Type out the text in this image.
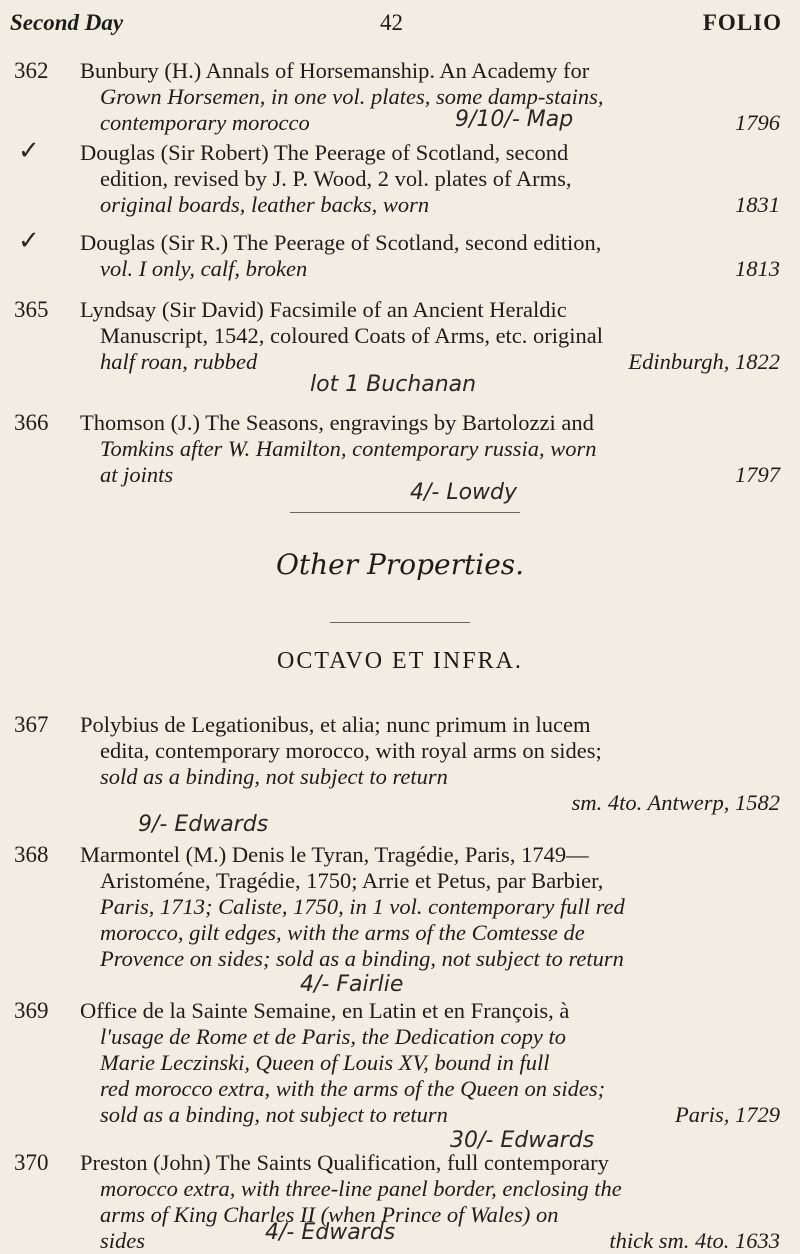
Second Day	42	FOLIO
362 Bunbury (H.) Annals of Horsemanship. An Academy for
Grown Horsemen, in one vol. plates, some damp-stains,
contemporary morocco	1796
9/10/- Map
✓ Douglas (Sir Robert) The Peerage of Scotland, second
edition, revised by J. P. Wood, 2 vol. plates of Arms,
original boards, leather backs, worn	1831
✓ Douglas (Sir R.) The Peerage of Scotland, second edition,
vol. I only, calf, broken	1813
365 Lyndsay (Sir David) Facsimile of an Ancient Heraldic
Manuscript, 1542, coloured Coats of Arms, etc. original
half roan, rubbed	Edinburgh, 1822
lot 1 Buchanan
366 Thomson (J.) The Seasons, engravings by Bartolozzi and
Tomkins after W. Hamilton, contemporary russia, worn
at joints	1797
4/- Lowdy
Other Properties.
OCTAVO ET INFRA.
367 Polybius de Legationibus, et alia; nunc primum in lucem
edita, contemporary morocco, with royal arms on sides;
sold as a binding, not subject to return
sm. 4to. Antwerp, 1582
9/- Edwards
368 Marmontel (M.) Denis le Tyran, Tragédie, Paris, 1749—
Aristoméne, Tragédie, 1750; Arrie et Petus, par Barbier,
Paris, 1713; Caliste, 1750, in 1 vol. contemporary full red
morocco, gilt edges, with the arms of the Comtesse de
Provence on sides; sold as a binding, not subject to return
4/- Fairlie
369 Office de la Sainte Semaine, en Latin et en François, à
l'usage de Rome et de Paris, the Dedication copy to
Marie Leczinski, Queen of Louis XV, bound in full
red morocco extra, with the arms of the Queen on sides;
sold as a binding, not subject to return	Paris, 1729
30/- Edwards
370 Preston (John) The Saints Qualification, full contemporary
morocco extra, with three-line panel border, enclosing the
arms of King Charles II (when Prince of Wales) on
sides	thick sm. 4to. 1633
4/- Edwards
